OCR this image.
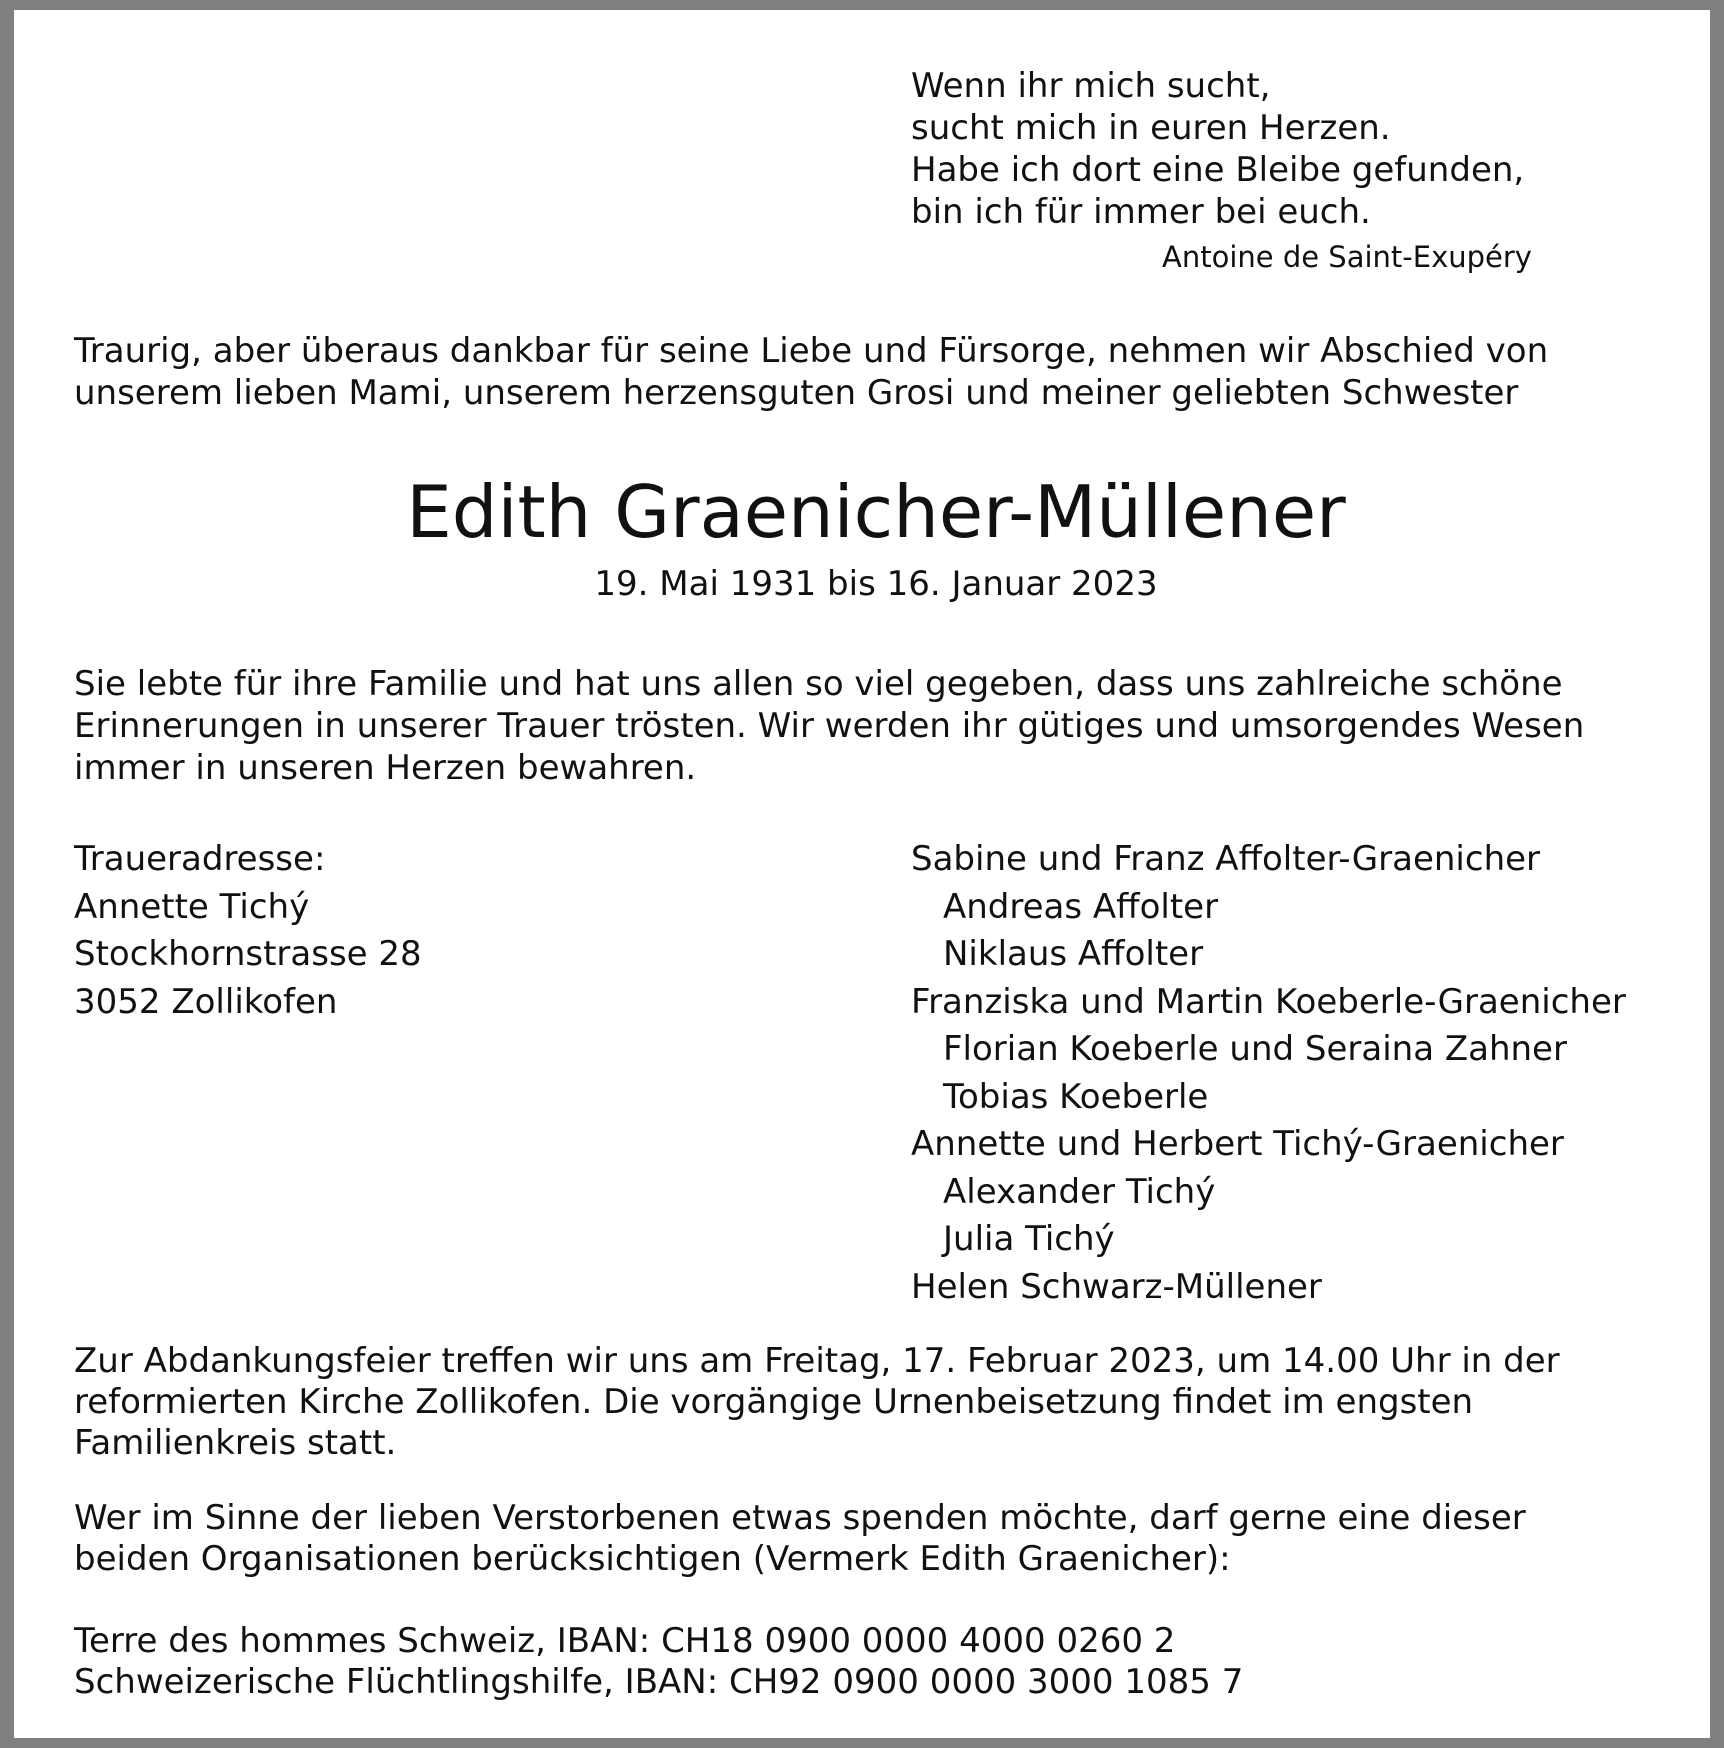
Wenn ihr mich sucht,
sucht mich in euren Herzen.
Habe ich dort eine Bleibe gefunden,
bin ich für immer bei euch.
Antoine de Saint-Exupéry
Traurig, aber überaus dankbar für seine Liebe und Fürsorge, nehmen wir Abschied von
unserem lieben Mami, unserem herzensguten Grosi und meiner geliebten Schwester
Edith Graenicher-Müllener
19. Mai 1931 bis 16. Januar 2023
Sie lebte für ihre Familie und hat uns allen so viel gegeben, dass uns zahlreiche schöne
Erinnerungen in unserer Trauer trösten. Wir werden ihr gütiges und umsorgendes Wesen
immer in unseren Herzen bewahren.
Traueradresse:
Annette Tichý
Stockhornstrasse 28
3052 Zollikofen
Sabine und Franz Affolter-Graenicher
Andreas Affolter
Niklaus Affolter
Franziska und Martin Koeberle-Graenicher
Florian Koeberle und Seraina Zahner
Tobias Koeberle
Annette und Herbert Tichý-Graenicher
Alexander Tichý
Julia Tichý
Helen Schwarz-Müllener
Zur Abdankungsfeier treffen wir uns am Freitag, 17. Februar 2023, um 14.00 Uhr in der
reformierten Kirche Zollikofen. Die vorgängige Urnenbeisetzung findet im engsten
Familienkreis statt.
Wer im Sinne der lieben Verstorbenen etwas spenden möchte, darf gerne eine dieser
beiden Organisationen berücksichtigen (Vermerk Edith Graenicher):
Terre des hommes Schweiz, IBAN: CH18 0900 0000 4000 0260 2
Schweizerische Flüchtlingshilfe, IBAN: CH92 0900 0000 3000 1085 7
